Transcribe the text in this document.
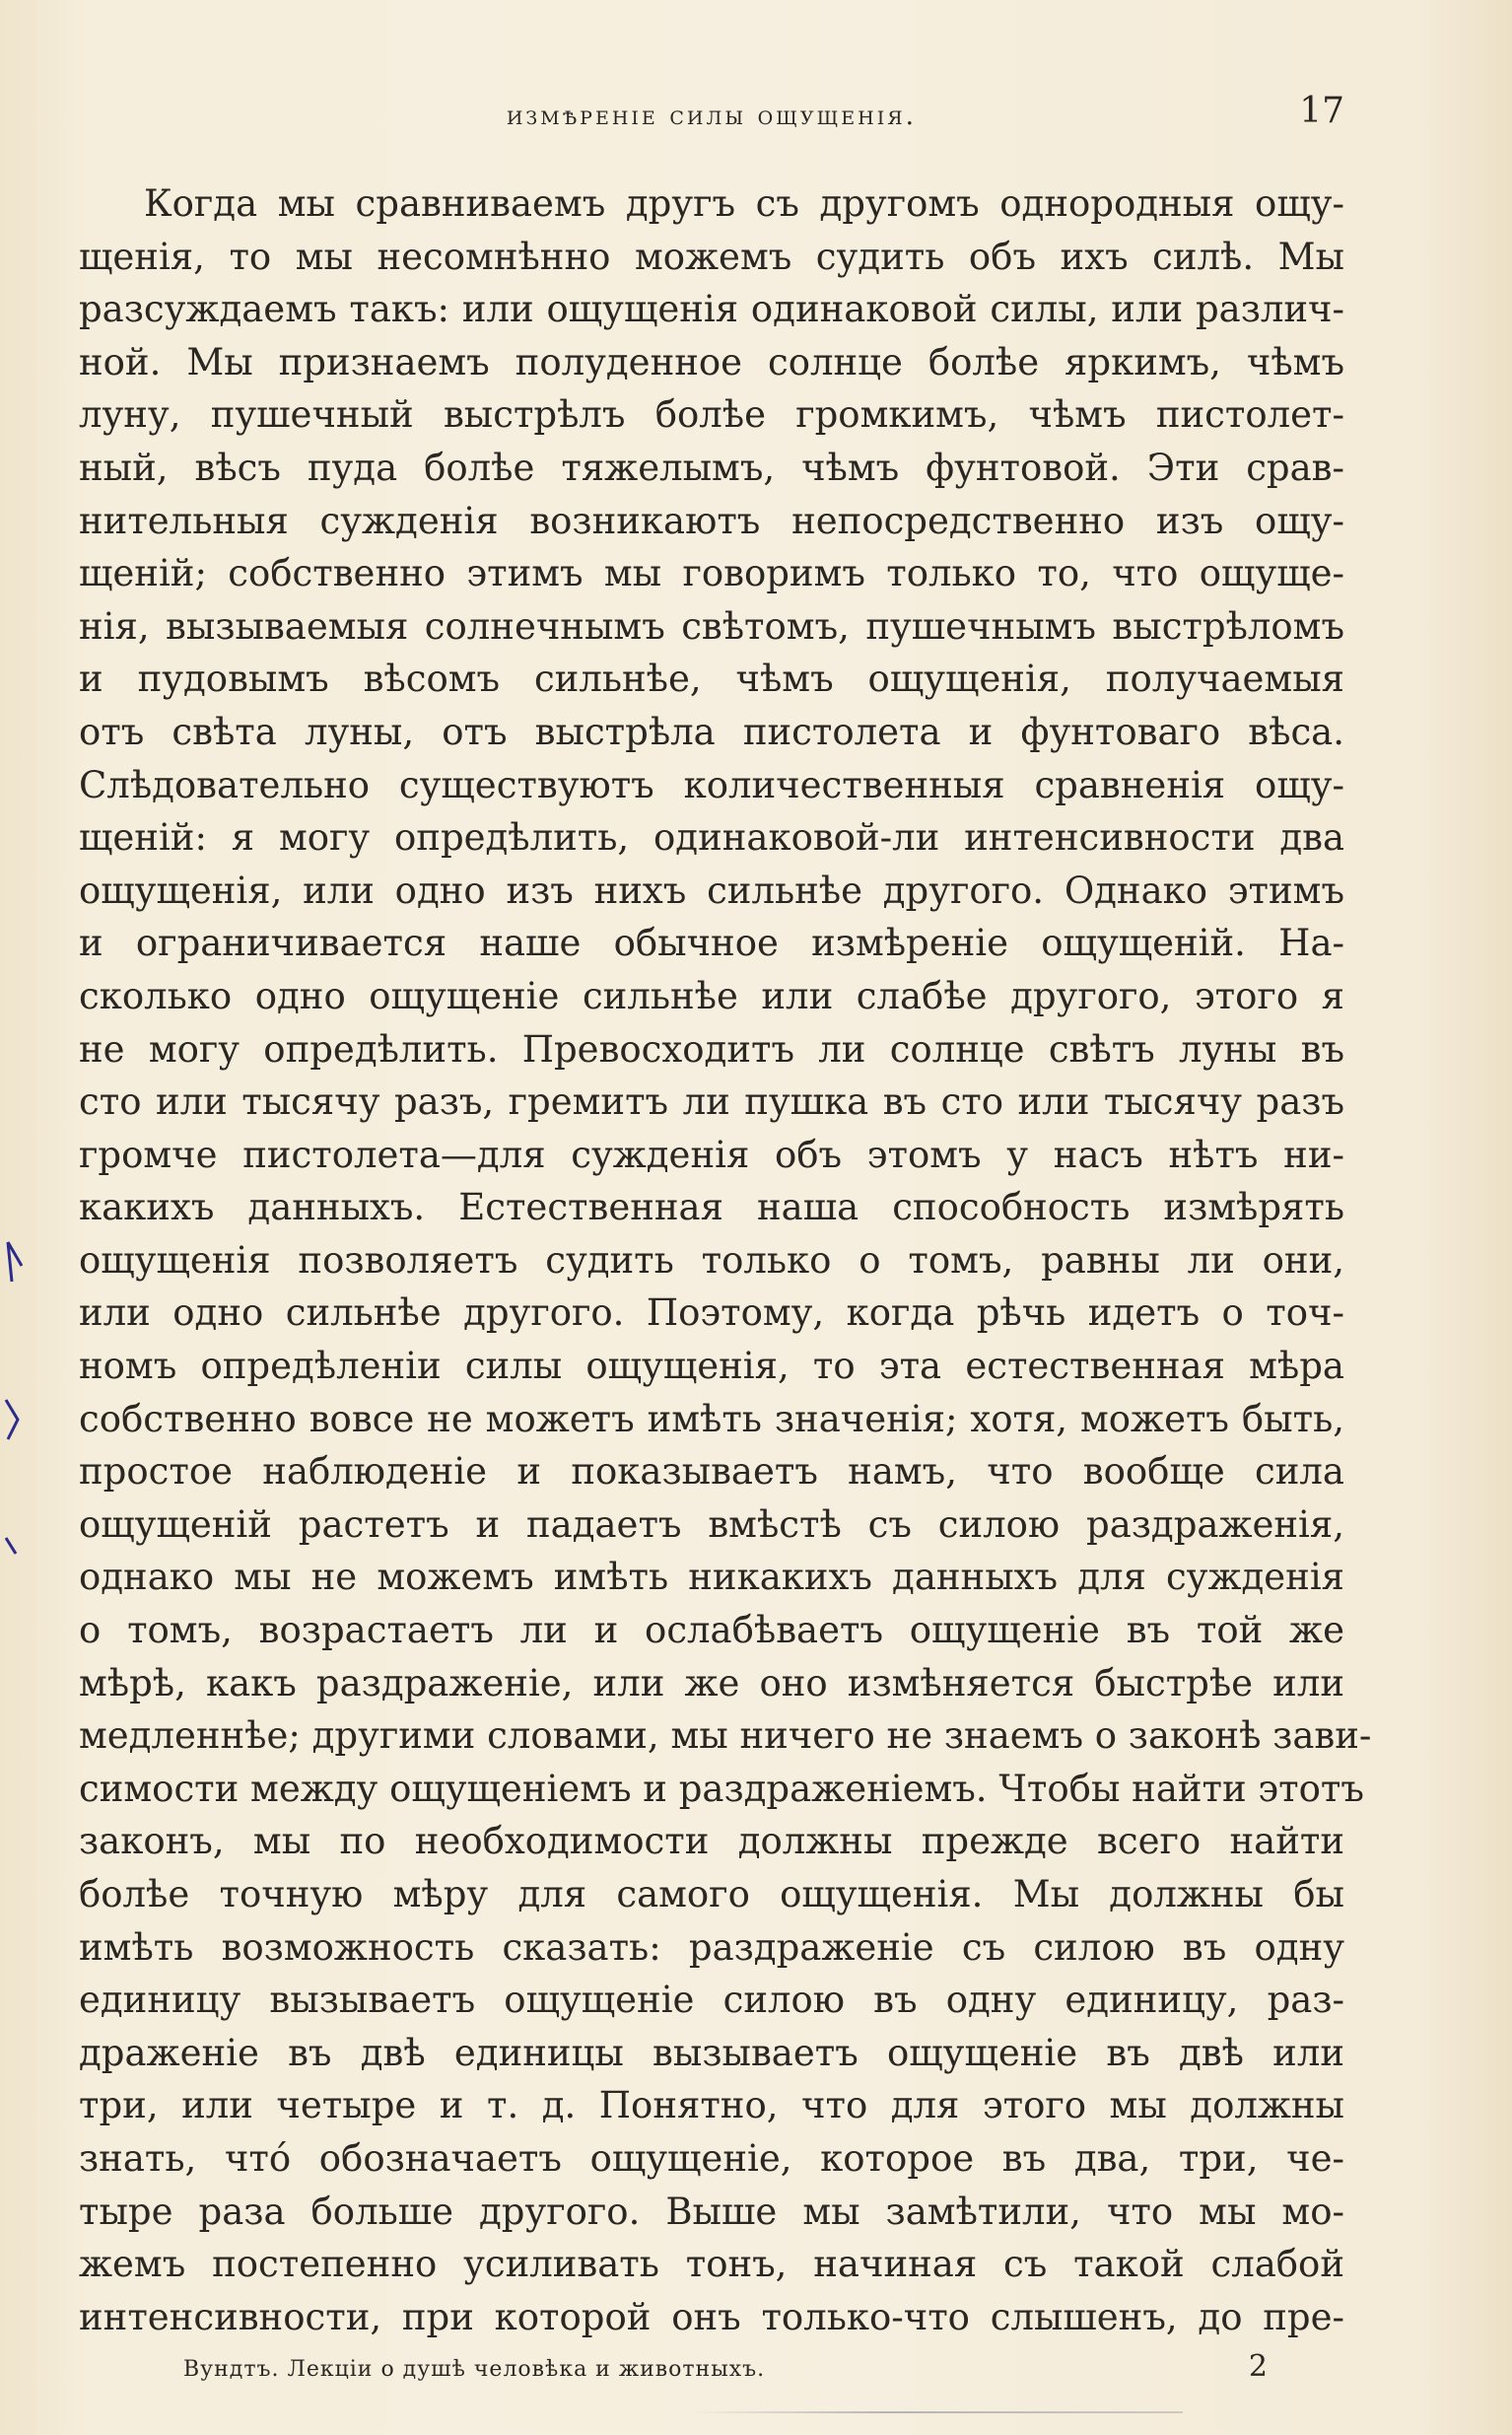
измѣреніе силы ощущенія.	17
Когда мы сравниваемъ другъ съ другомъ однородныя ощу-
щенія, то мы несомнѣнно можемъ судить объ ихъ силѣ. Мы
разсуждаемъ такъ: или ощущенія одинаковой силы, или различ-
ной. Мы признаемъ полуденное солнце болѣе яркимъ, чѣмъ
луну, пушечный выстрѣлъ болѣе громкимъ, чѣмъ пистолет-
ный, вѣсъ пуда болѣе тяжелымъ, чѣмъ фунтовой. Эти срав-
нительныя сужденія возникаютъ непосредственно изъ ощу-
щеній; собственно этимъ мы говоримъ только то, что ощуще-
нія, вызываемыя солнечнымъ свѣтомъ, пушечнымъ выстрѣломъ
и пудовымъ вѣсомъ сильнѣе, чѣмъ ощущенія, получаемыя
отъ свѣта луны, отъ выстрѣла пистолета и фунтоваго вѣса.
Слѣдовательно существуютъ количественныя сравненія ощу-
щеній: я могу опредѣлить, одинаковой-ли интенсивности два
ощущенія, или одно изъ нихъ сильнѣе другого. Однако этимъ
и ограничивается наше обычное измѣреніе ощущеній. Нa-
сколько одно ощущеніе сильнѣе или слабѣе другого, этого я
не могу опредѣлить. Превосходитъ ли солнце свѣтъ луны въ
сто или тысячу разъ, гремитъ ли пушка въ сто или тысячу разъ
громче пистолета—для сужденія объ этомъ у насъ нѣтъ ни-
какихъ данныхъ. Естественная наша способность измѣрять
ощущенія позволяетъ судить только о томъ, равны ли они,
или одно сильнѣе другого. Поэтому, когда рѣчь идетъ о точ-
номъ опредѣленіи силы ощущенія, то эта естественная мѣра
собственно вовсе не можетъ имѣть значенія; хотя, можетъ быть,
простое наблюденіе и показываетъ намъ, что вообще сила
ощущеній растетъ и падаетъ вмѣстѣ съ силою раздраженія,
однако мы не можемъ имѣть никакихъ данныхъ для сужденія
о томъ, возрастаетъ ли и ослабѣваетъ ощущеніе въ той же
мѣрѣ, какъ раздраженіе, или же оно измѣняется быстрѣе или
медленнѣе; другими словами, мы ничего не знаемъ о законѣ зави-
симости между ощущеніемъ и раздраженіемъ. Чтобы найти этотъ
законъ, мы по необходимости должны прежде всего найти
болѣе точную мѣру для самого ощущенія. Мы должны бы
имѣть возможность сказать: раздраженіе съ силою въ одну
единицу вызываетъ ощущеніе силою въ одну единицу, раз-
драженіе въ двѣ единицы вызываетъ ощущеніе въ двѣ или
три, или четыре и т. д. Понятно, что для этого мы должны
знать, чтó обозначаетъ ощущеніе, которое въ два, три, че-
тыре раза больше другого. Выше мы замѣтили, что мы мо-
жемъ постепенно усиливать тонъ, начиная съ такой слабой
интенсивности, при которой онъ только-что слышенъ, до пре-
Вундтъ. Лекціи о душѣ человѣка и животныхъ.	2
